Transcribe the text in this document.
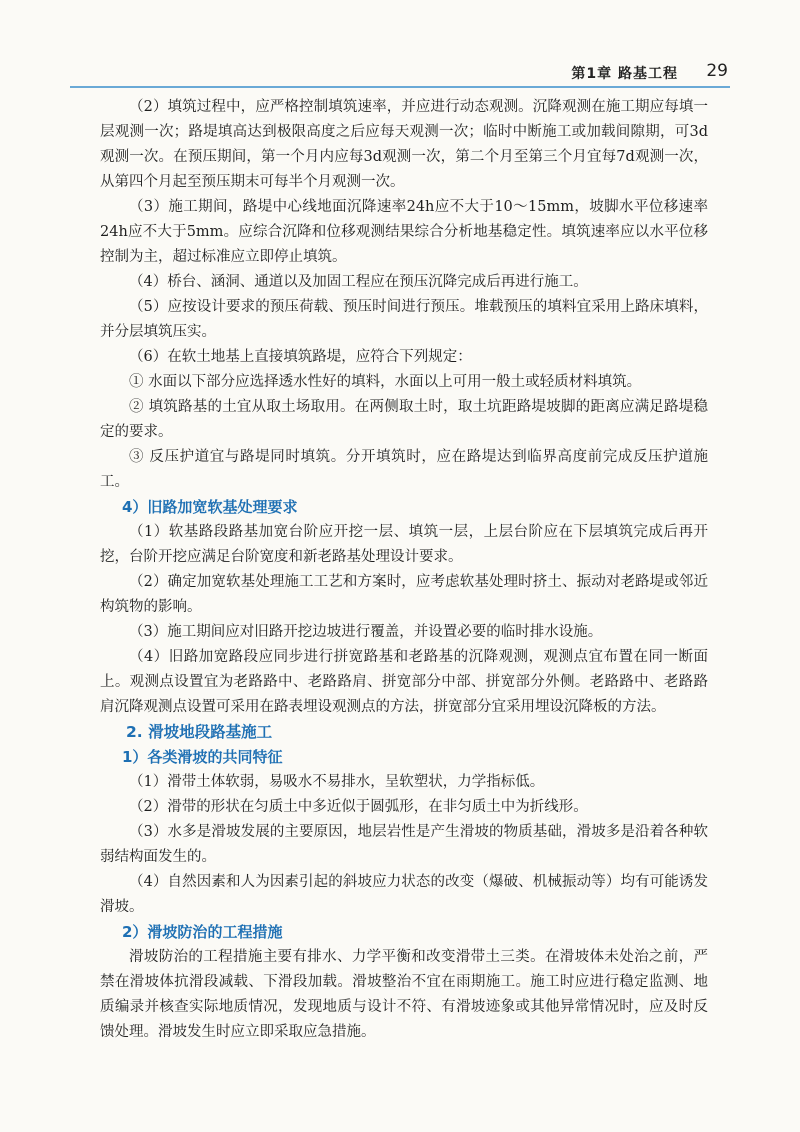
第1章 路基工程 29

（2）填筑过程中，应严格控制填筑速率，并应进行动态观测。沉降观测在施工期应每填一层观测一次；路堤填高达到极限高度之后应每天观测一次；临时中断施工或加载间隙期，可3d观测一次。在预压期间，第一个月内应每3d观测一次，第二个月至第三个月宜每7d观测一次，从第四个月起至预压期末可每半个月观测一次。

（3）施工期间，路堤中心线地面沉降速率24h应不大于10～15mm，坡脚水平位移速率24h应不大于5mm。应综合沉降和位移观测结果综合分析地基稳定性。填筑速率应以水平位移控制为主，超过标准应立即停止填筑。

（4）桥台、涵洞、通道以及加固工程应在预压沉降完成后再进行施工。

（5）应按设计要求的预压荷载、预压时间进行预压。堆载预压的填料宜采用上路床填料，并分层填筑压实。

（6）在软土地基上直接填筑路堤，应符合下列规定：

① 水面以下部分应选择透水性好的填料，水面以上可用一般土或轻质材料填筑。

② 填筑路基的土宜从取土场取用。在两侧取土时，取土坑距路堤坡脚的距离应满足路堤稳定的要求。

③ 反压护道宜与路堤同时填筑。分开填筑时，应在路堤达到临界高度前完成反压护道施工。

4）旧路加宽软基处理要求

（1）软基路段路基加宽台阶应开挖一层、填筑一层，上层台阶应在下层填筑完成后再开挖，台阶开挖应满足台阶宽度和新老路基处理设计要求。

（2）确定加宽软基处理施工工艺和方案时，应考虑软基处理时挤土、振动对老路堤或邻近构筑物的影响。

（3）施工期间应对旧路开挖边坡进行覆盖，并设置必要的临时排水设施。

（4）旧路加宽路段应同步进行拼宽路基和老路基的沉降观测，观测点宜布置在同一断面上。观测点设置宜为老路路中、老路路肩、拼宽部分中部、拼宽部分外侧。老路路中、老路路肩沉降观测点设置可采用在路表埋设观测点的方法，拼宽部分宜采用埋设沉降板的方法。

2. 滑坡地段路基施工
1）各类滑坡的共同特征

（1）滑带土体软弱，易吸水不易排水，呈软塑状，力学指标低。

（2）滑带的形状在匀质土中多近似于圆弧形，在非匀质土中为折线形。

（3）水多是滑坡发展的主要原因，地层岩性是产生滑坡的物质基础，滑坡多是沿着各种软弱结构面发生的。

（4）自然因素和人为因素引起的斜坡应力状态的改变（爆破、机械振动等）均有可能诱发滑坡。

2）滑坡防治的工程措施

滑坡防治的工程措施主要有排水、力学平衡和改变滑带土三类。在滑坡体未处治之前，严禁在滑坡体抗滑段减载、下滑段加载。滑坡整治不宜在雨期施工。施工时应进行稳定监测、地质编录并核查实际地质情况，发现地质与设计不符、有滑坡迹象或其他异常情况时，应及时反馈处理。滑坡发生时应立即采取应急措施。
